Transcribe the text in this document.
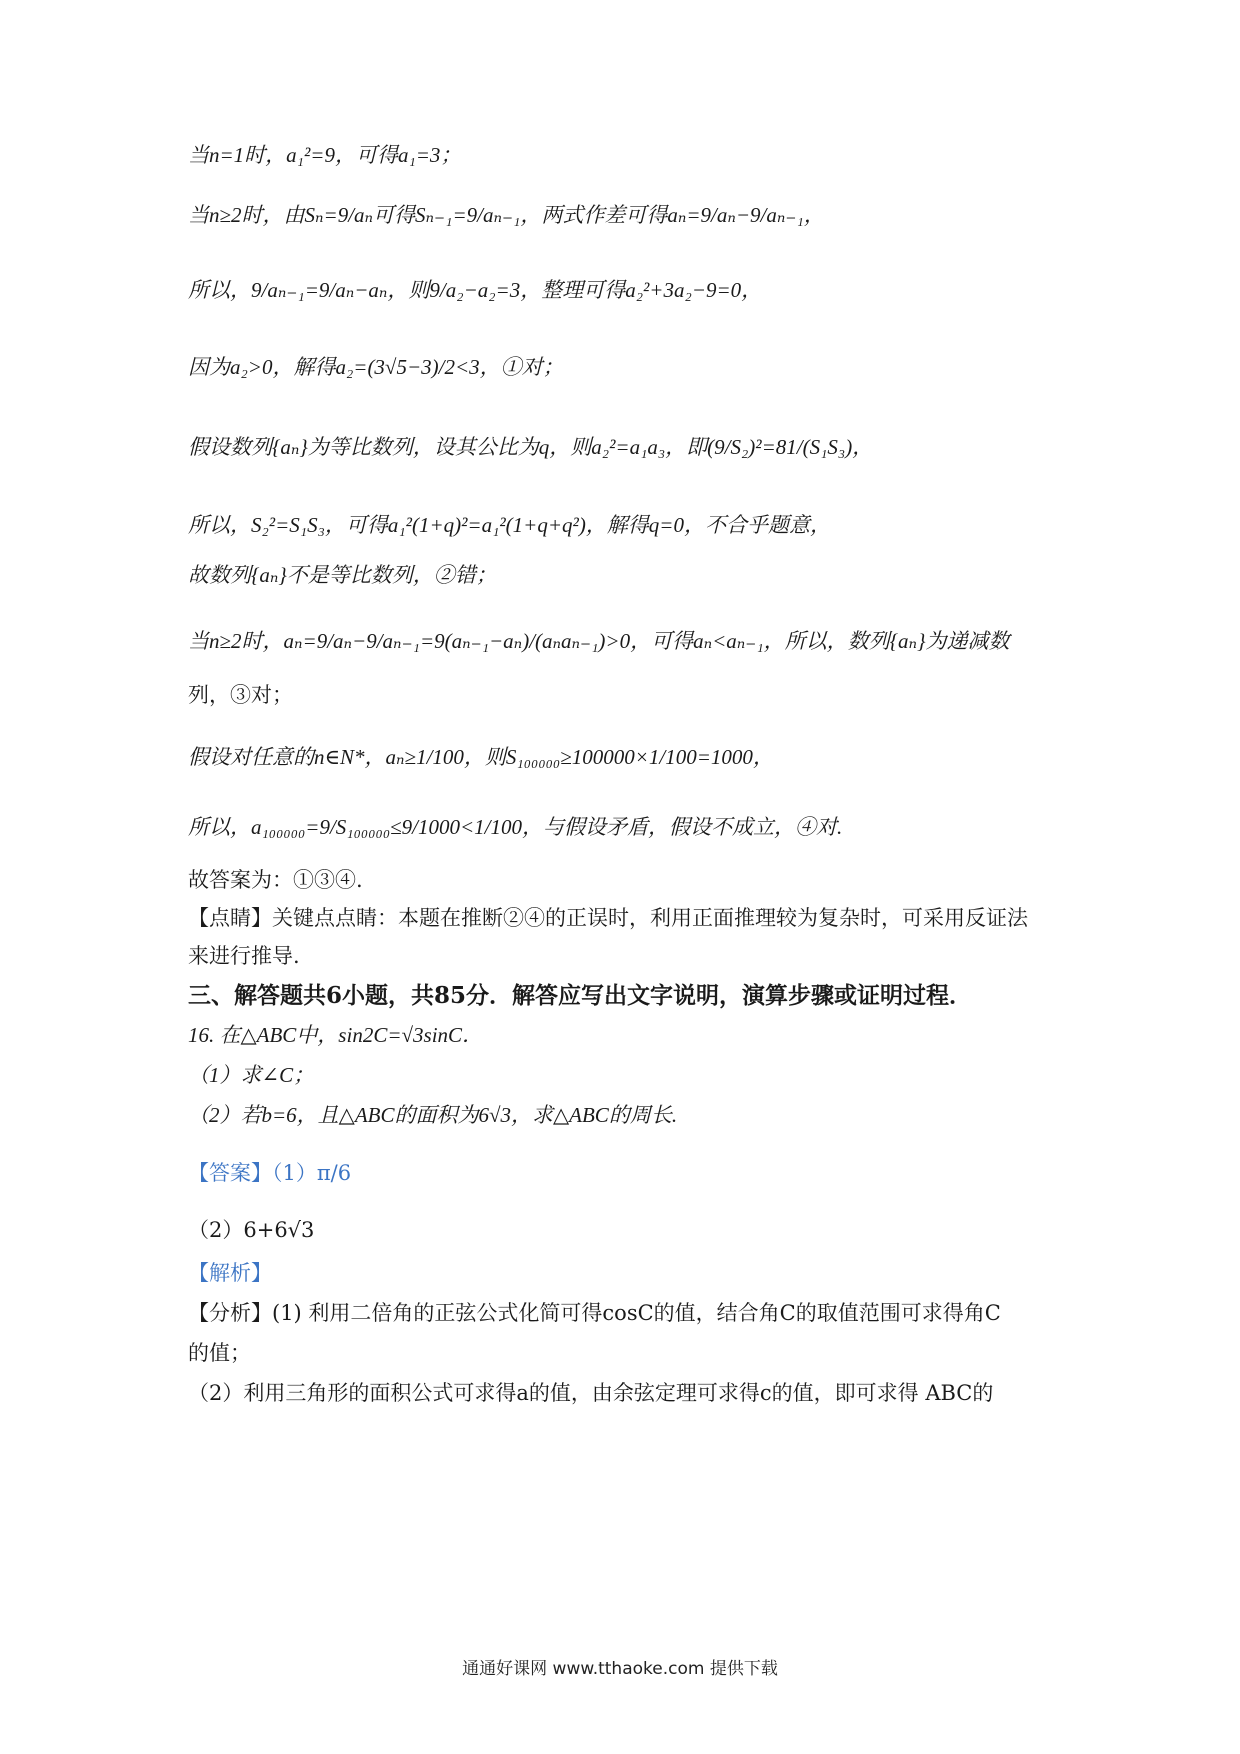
当n=1时，a₁²=9，可得a₁=3；
当n≥2时，由Sₙ=9/aₙ可得Sₙ₋₁=9/aₙ₋₁，两式作差可得aₙ=9/aₙ−9/aₙ₋₁，
所以，9/aₙ₋₁=9/aₙ−aₙ，则9/a₂−a₂=3，整理可得a₂²+3a₂−9=0，
因为a₂>0，解得a₂=(3√5−3)/2<3，①对；
假设数列{aₙ}为等比数列，设其公比为q，则a₂²=a₁a₃，即(9/S₂)²=81/(S₁S₃)，
所以，S₂²=S₁S₃，可得a₁²(1+q)²=a₁²(1+q+q²)，解得q=0，不合乎题意，
故数列{aₙ}不是等比数列，②错；
当n≥2时，aₙ=9/aₙ−9/aₙ₋₁=9(aₙ₋₁−aₙ)/(aₙaₙ₋₁)>0，可得aₙ<aₙ₋₁，所以，数列{aₙ}为递减数
列，③对；
假设对任意的n∈N*，aₙ≥1/100，则S₁₀₀₀₀₀≥100000×1/100=1000，
所以，a₁₀₀₀₀₀=9/S₁₀₀₀₀₀≤9/1000<1/100，与假设矛盾，假设不成立，④对.
故答案为：①③④.
【点睛】关键点点睛：本题在推断②④的正误时，利用正面推理较为复杂时，可采用反证法
来进行推导.
三、解答题共6小题，共85分．解答应写出文字说明，演算步骤或证明过程．
16. 在△ABC中，sin2C=√3sinC．
（1）求∠C；
（2）若b=6，且△ABC的面积为6√3，求△ABC的周长.
【答案】（1）π/6
（2）6+6√3
【解析】
【分析】(1) 利用二倍角的正弦公式化简可得cosC的值，结合角C的取值范围可求得角C
的值；
（2）利用三角形的面积公式可求得a的值，由余弦定理可求得c的值，即可求得 ABC的
通通好课网 www.tthaoke.com 提供下载
